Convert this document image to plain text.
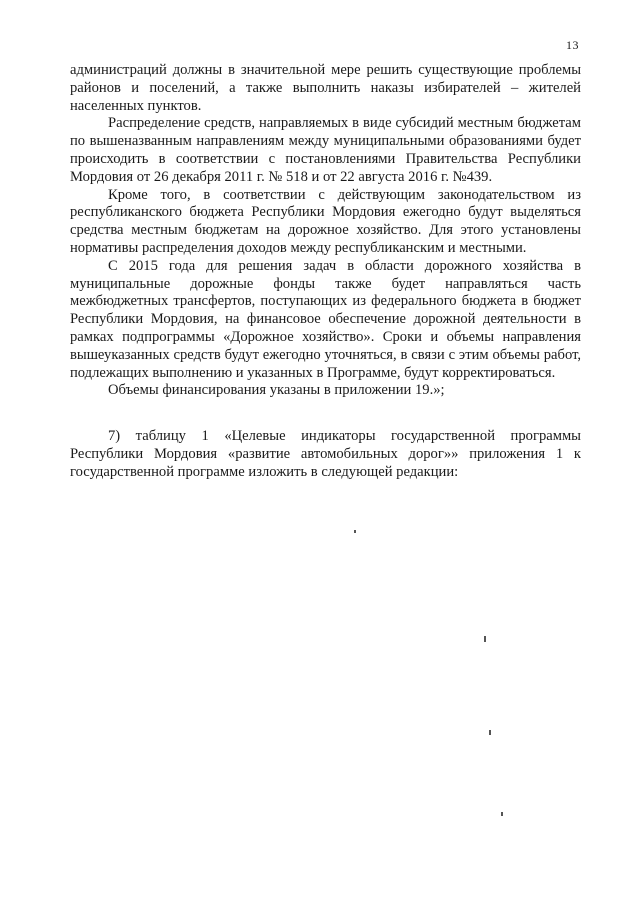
13

администраций должны в значительной мере решить существующие проблемы районов и поселений, а также выполнить наказы избирателей – жителей населенных пунктов.

Распределение средств, направляемых в виде субсидий местным бюджетам по вышеназванным направлениям между муниципальными образованиями будет происходить в соответствии с постановлениями Правительства Республики Мордовия от 26 декабря 2011 г. № 518 и от 22 августа 2016 г. №439.

Кроме того, в соответствии с действующим законодательством из республиканского бюджета Республики Мордовия ежегодно будут выделяться средства местным бюджетам на дорожное хозяйство. Для этого установлены нормативы распределения доходов между республиканским и местными.

С 2015 года для решения задач в области дорожного хозяйства в муниципальные дорожные фонды также будет направляться часть межбюджетных трансфертов, поступающих из федерального бюджета в бюджет Республики Мордовия, на финансовое обеспечение дорожной деятельности в рамках подпрограммы «Дорожное хозяйство». Сроки и объемы направления вышеуказанных средств будут ежегодно уточняться, в связи с этим объемы работ, подлежащих выполнению и указанных в Программе, будут корректироваться.

Объемы финансирования указаны в приложении 19.»;

7) таблицу 1 «Целевые индикаторы государственной программы Республики Мордовия «развитие автомобильных дорог»» приложения 1 к государственной программе изложить в следующей редакции:
